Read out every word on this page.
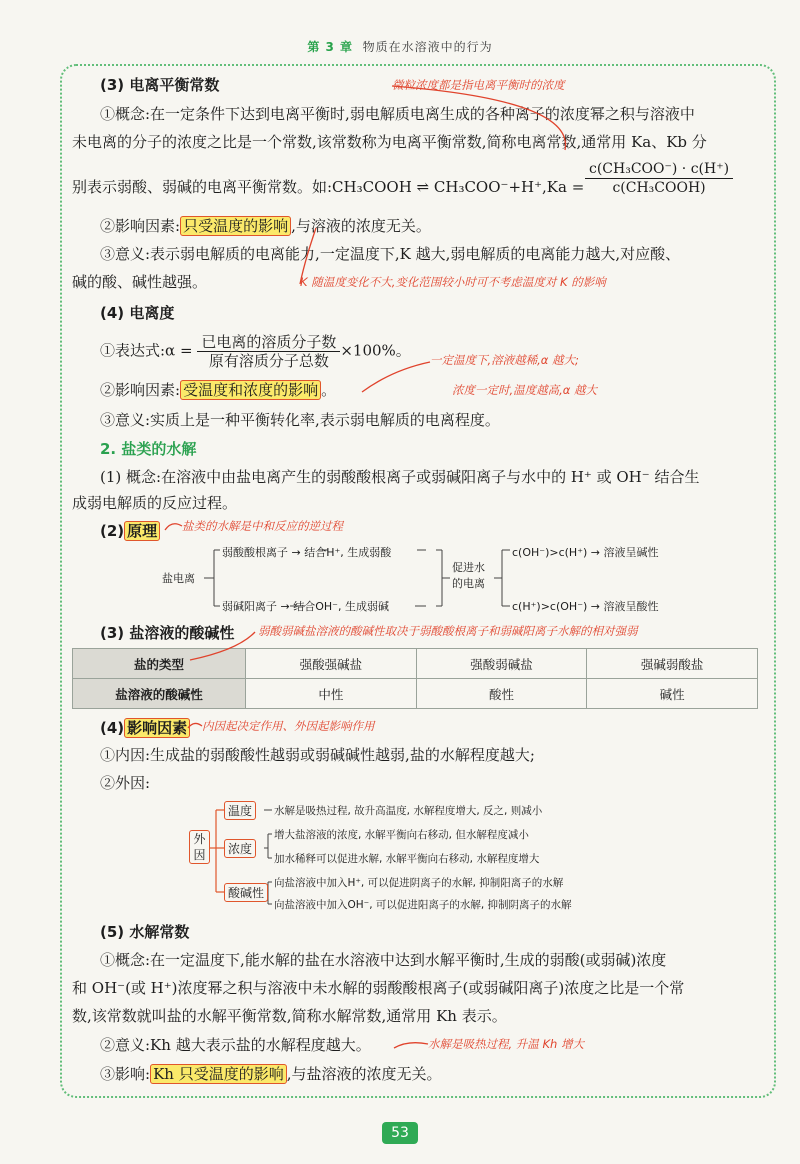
第 3 章 物质在水溶液中的行为
(3) 电离平衡常数	微粒浓度都是指电离平衡时的浓度
①概念:在一定条件下达到电离平衡时,弱电解质电离生成的各种离子的浓度幂之积与溶液中
未电离的分子的浓度之比是一个常数,该常数称为电离平衡常数,简称电离常数,通常用 Ka、Kb 分
别表示弱酸、弱碱的电离平衡常数。如:CH₃COOH ⇌ $CH_3COO^-+H^+,Ka = \frac{\text{c(CH₃COO⁻) · c(H⁺)}}{\text{c(CH₃COOH)}}$
②影响因素: 只受温度的影响 ,与溶液的浓度无关。
③意义:表示弱电解质的电离能力,一定温度下,K 越大,弱电解质的电离能力越大,对应酸、
碱的酸、碱性越强。	K 随温度变化不大,变化范围较小时可不考虑温度对 K 的影响
(4) 电离度
①表达式:α = $\frac{\text{已电离的溶质分子数}}{\text{原有溶质分子总数}} \times 100\%$。
一定温度下,溶液越稀,α 越大;
浓度一定时,温度越高,α 越大
②影响因素: 受温度和浓度的影响 。
③意义:实质上是一种平衡转化率,表示弱电解质的电离程度。
2. 盐类的水解
(1) 概念:在溶液中由盐电离产生的弱酸酸根离子或弱碱阳离子与水中的 H⁺ 或 OH⁻ 结合生
成弱电解质的反应过程。
(2) 原理 盐类的水解是中和反应的逆过程
盐电离
弱酸酸根离子 → 结合H⁺, 生成弱酸
弱碱阳离子 → 结合OH⁻, 生成弱碱
促进水
的电离
c(OH⁻)>c(H⁺) → 溶液呈碱性
c(H⁺)>c(OH⁻) → 溶液呈酸性
(3) 盐溶液的酸碱性 弱酸弱碱盐溶液的酸碱性取决于弱酸酸根离子和弱碱阳离子水解的相对强弱
盐的类型	强酸强碱盐	强酸弱碱盐	强碱弱酸盐
盐溶液的酸碱性	中性	酸性	碱性
(4) 影响因素 内因起决定作用、外因起影响作用
①内因:生成盐的弱酸酸性越弱或弱碱碱性越弱,盐的水解程度越大;
②外因:
外
因
温度
浓度
酸碱性
水解是吸热过程, 故升高温度, 水解程度增大, 反之, 则减小
增大盐溶液的浓度, 水解平衡向右移动, 但水解程度减小
加水稀释可以促进水解, 水解平衡向右移动, 水解程度增大
向盐溶液中加入H⁺, 可以促进阴离子的水解, 抑制阳离子的水解
向盐溶液中加入OH⁻, 可以促进阳离子的水解, 抑制阴离子的水解
(5) 水解常数
①概念:在一定温度下,能水解的盐在水溶液中达到水解平衡时,生成的弱酸(或弱碱)浓度
和 OH⁻(或 H⁺)浓度幂之积与溶液中未水解的弱酸酸根离子(或弱碱阳离子)浓度之比是一个常
数,该常数就叫盐的水解平衡常数,简称水解常数,通常用 Kh 表示。
②意义:Kh 越大表示盐的水解程度越大。	水解是吸热过程, 升温 Kh 增大
③影响: Kh 只受温度的影响 ,与盐溶液的浓度无关。
53
